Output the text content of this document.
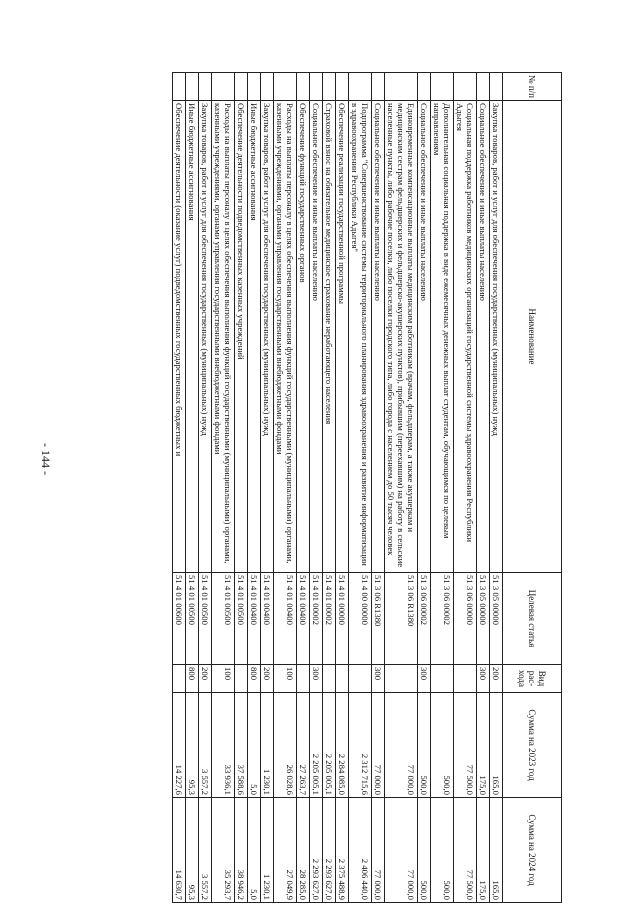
- 144 -
№ п/п	Наименование	Целевая статья	Вид рас- хода	Сумма на 2023 год	Сумма на 2024 год
	Закупка товаров, работ и услуг для обеспечения государственных (муниципальных) нужд	51 3 05 00000	200	165,0	165,0
	Социальное обеспечение и иные выплаты населению	51 3 05 00000	300	175,0	175,0
	Социальная поддержка работников медицинских организаций государственной системы здравоохранения Республики Адыгея	51 3 06 00000		77 500,0	77 500,0
	Дополнительная социальная поддержка в виде ежемесячных денежных выплат студентам, обучающимся по целевым направлениям	51 3 06 00002		500,0	500,0
	Социальное обеспечение и иные выплаты населению	51 3 06 00002	300	500,0	500,0
	Единовременные компенсационные выплаты медицинским работникам (врачам, фельдшерам, а также акушеркам и медицинским сестрам фельдшерских и фельдшерско-акушерских пунктов), прибывшим (переехавшим) на работу в сельские населенные пункты, либо рабочие поселки, либо поселки городского типа, либо города с населением до 50 тысяч человек	51 3 06 R1380		77 000,0	77 000,0
	Социальное обеспечение и иные выплаты населению	51 3 06 R1380	300	77 000,0	77 000,0
	Подпрограмма "Совершенствование системы территориального планирования здравоохранения и развитие информатизации в здравоохранении Республики Адыгея"	51 4 00 00000		2 312 715,6	2 406 440,0
	Обеспечение реализации государственной программы	51 4 01 00000		2 284 085,0	2 375 488,9
	Страховой взнос на обязательное медицинское страхование неработающего населения	51 4 01 00002		2 205 005,1	2 293 627,0
	Социальное обеспечение и иные выплаты населению	51 4 01 00002	300	2 205 005,1	2 293 627,0
	Обеспечение функций государственных органов	51 4 01 00400		27 263,7	28 285,0
	Расходы на выплаты персоналу в целях обеспечения выполнения функций государственными (муниципальными) органами, казенными учреждениями, органами управления государственными внебюджетными фондами	51 4 01 00400	100	26 028,6	27 049,9
	Закупка товаров, работ и услуг для обеспечения государственных (муниципальных) нужд	51 4 01 00400	200	1 230,1	1 230,1
	Иные бюджетные ассигнования	51 4 01 00400	800	5,0	5,0
	Обеспечение деятельности подведомственных казенных учреждений	51 4 01 00500		37 588,6	38 946,2
	Расходы на выплаты персоналу в целях обеспечения выполнения функций государственными (муниципальными) органами, казенными учреждениями, органами управления государственными внебюджетными фондами	51 4 01 00500	100	33 936,1	35 293,7
	Закупка товаров, работ и услуг для обеспечения государственных (муниципальных) нужд	51 4 01 00500	200	3 557,2	3 557,2
	Иные бюджетные ассигнования	51 4 01 00500	800	95,3	95,3
	Обеспечение деятельности (оказание услуг) подведомственных государственных бюджетных и	51 4 01 00600		14 227,6	14 630,7
